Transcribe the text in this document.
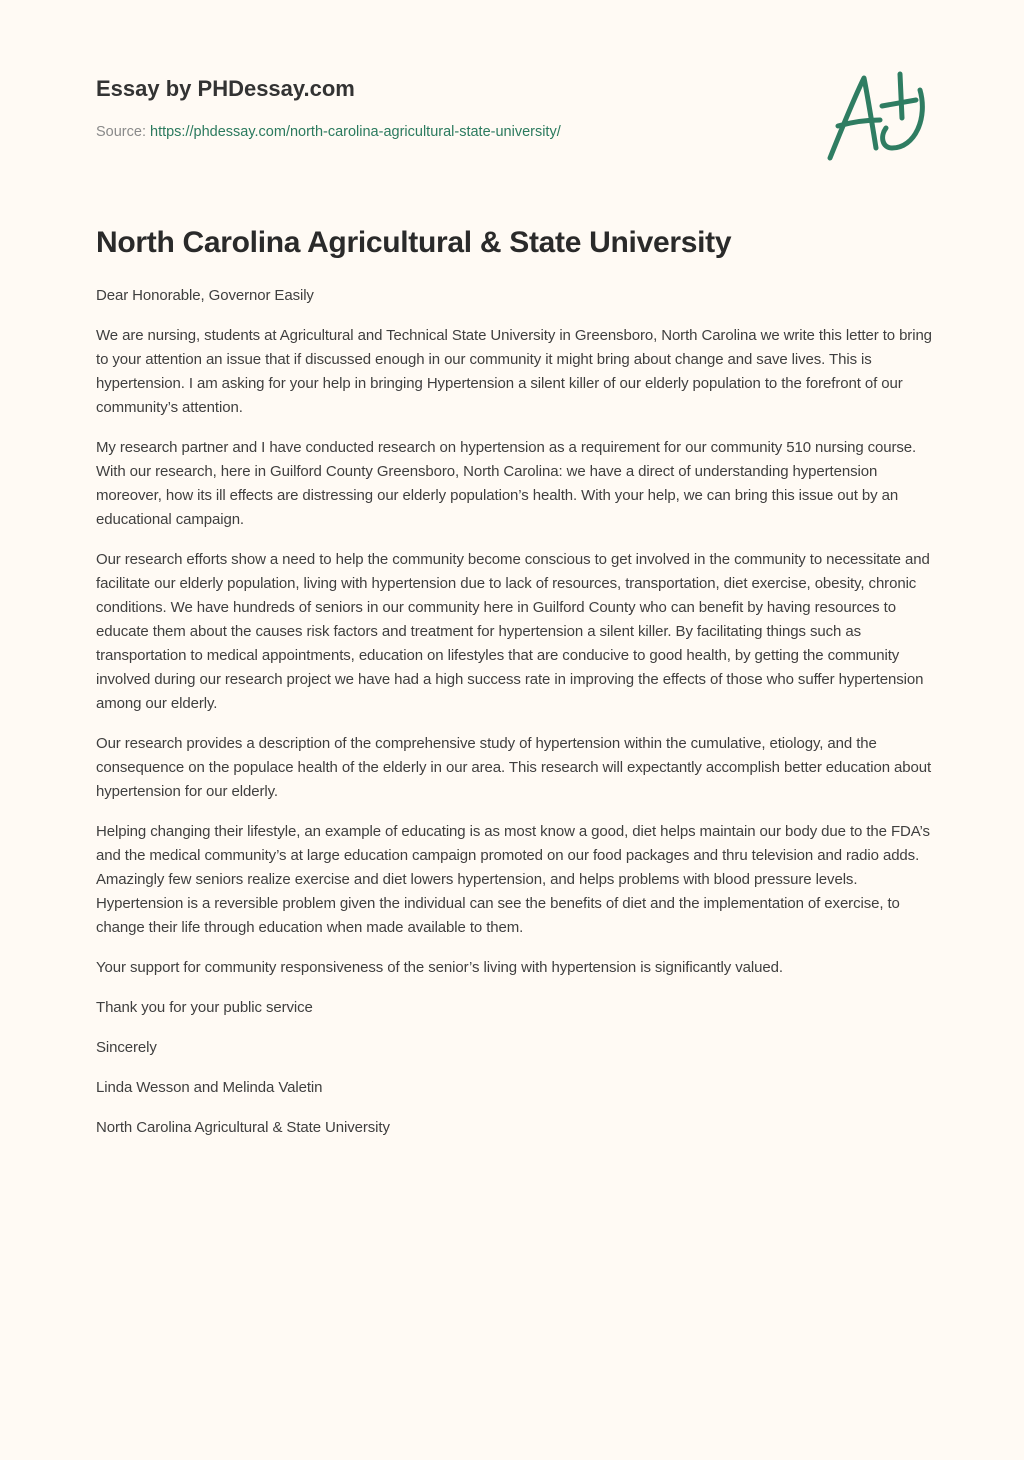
Essay by PHDessay.com
Source: https://phdessay.com/north-carolina-agricultural-state-university/
North Carolina Agricultural & State University

Dear Honorable, Governor Easily

We are nursing, students at Agricultural and Technical State University in Greensboro, North Carolina we write this letter to bring to your attention an issue that if discussed enough in our community it might bring about change and save lives. This is hypertension. I am asking for your help in bringing Hypertension a silent killer of our elderly population to the forefront of our community’s attention.

My research partner and I have conducted research on hypertension as a requirement for our community 510 nursing course. With our research, here in Guilford County Greensboro, North Carolina: we have a direct of understanding hypertension moreover, how its ill effects are distressing our elderly population’s health. With your help, we can bring this issue out by an educational campaign.

Our research efforts show a need to help the community become conscious to get involved in the community to necessitate and facilitate our elderly population, living with hypertension due to lack of resources, transportation, diet exercise, obesity, chronic conditions. We have hundreds of seniors in our community here in Guilford County who can benefit by having resources to educate them about the causes risk factors and treatment for hypertension a silent killer. By facilitating things such as transportation to medical appointments, education on lifestyles that are conducive to good health, by getting the community involved during our research project we have had a high success rate in improving the effects of those who suffer hypertension among our elderly.

Our research provides a description of the comprehensive study of hypertension within the cumulative, etiology, and the consequence on the populace health of the elderly in our area. This research will expectantly accomplish better education about hypertension for our elderly.

Helping changing their lifestyle, an example of educating is as most know a good, diet helps maintain our body due to the FDA’s and the medical community’s at large education campaign promoted on our food packages and thru television and radio adds. Amazingly few seniors realize exercise and diet lowers hypertension, and helps problems with blood pressure levels. Hypertension is a reversible problem given the individual can see the benefits of diet and the implementation of exercise, to change their life through education when made available to them.

Your support for community responsiveness of the senior’s living with hypertension is significantly valued.

Thank you for your public service

Sincerely

Linda Wesson and Melinda Valetin

North Carolina Agricultural & State University
